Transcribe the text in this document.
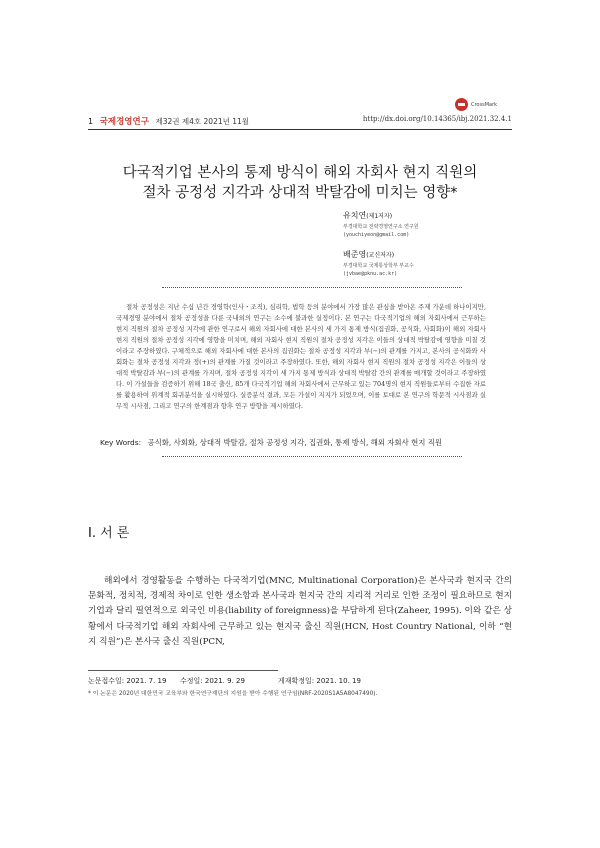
CrossMark
1 국제경영연구 제32권 제4호 2021년 11월	http://dx.doi.org/10.14365/ibj.2021.32.4.1
다국적기업 본사의 통제 방식이 해외 자회사 현지 직원의
절차 공정성 지각과 상대적 박탈감에 미치는 영향*
유치연(제1저자)
부경대학교 전략경영연구소 연구원
(youchiyeon@gmail.com)
배준영(교신저자)
부경대학교 국제통상학부 부교수
(jvbae@pknu.ac.kr)

절차 공정성은 지난 수십 년간 경영학(인사・조직), 심리학, 법학 등의 분야에서 가장 많은 관심을 받아온 주제 가운데 하나이지만, 국제경영 분야에서 절차 공정성을 다룬 국내외의 연구는 소수에 불과한 실정이다. 본 연구는 다국적기업의 해외 자회사에서 근무하는 현지 직원의 절차 공정성 지각에 관한 연구로서 해외 자회사에 대한 본사의 세 가지 통제 방식(집권화, 공식화, 사회화)이 해외 자회사 현지 직원의 절차 공정성 지각에 영향을 미치며, 해외 자회사 현지 직원의 절차 공정성 지각은 이들의 상대적 박탈감에 영향을 미칠 것이라고 주장하였다. 구체적으로 해외 자회사에 대한 본사의 집권화는 절차 공정성 지각과 부(−)의 관계를 가지고, 본사의 공식화와 사회화는 절차 공정성 지각과 정(+)의 관계를 가질 것이라고 주장하였다. 또한, 해외 자회사 현지 직원의 절차 공정성 지각은 이들의 상대적 박탈감과 부(−)의 관계를 가지며, 절차 공정성 지각이 세 가지 통제 방식과 상대적 박탈감 간의 관계를 매개할 것이라고 주장하였다. 이 가설들을 검증하기 위해 18국 출신, 85개 다국적기업 해외 자회사에서 근무하고 있는 704명의 현지 직원들로부터 수집한 자료를 활용하여 위계적 회귀분석을 실시하였다. 실증분석 결과, 모든 가설이 지지가 되었으며, 이를 토대로 본 연구의 학문적 시사점과 실무적 시사점, 그리고 연구의 한계점과 향후 연구 방향을 제시하였다.

Key Words: 공식화, 사회화, 상대적 박탈감, 절차 공정성 지각, 집권화, 통제 방식, 해외 자회사 현지 직원
Ⅰ. 서 론

해외에서 경영활동을 수행하는 다국적기업(MNC, Multinational Corporation)은 본사국과 현지국 간의 문화적, 정치적, 경제적 차이로 인한 생소함과 본사국과 현지국 간의 지리적 거리로 인한 조정이 필요하므로 현지 기업과 달리 필연적으로 외국인 비용(liability of foreignness)을 부담하게 된다(Zaheer, 1995). 이와 같은 상황에서 다국적기업 해외 자회사에 근무하고 있는 현지국 출신 직원(HCN, Host Country National, 이하 “현지 직원”)은 본사국 출신 직원(PCN,

논문접수일: 2021. 7. 19 수정일: 2021. 9. 29	게재확정일: 2021. 10. 19
* 이 논문은 2020년 대한민국 교육부와 한국연구재단의 지원을 받아 수행된 연구임(NRF-2020S1A5A8047490).
